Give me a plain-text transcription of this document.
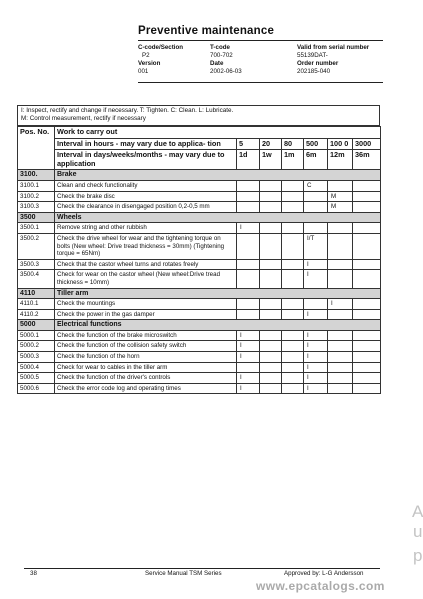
Preventive maintenance
C-code/Section
P2
T-code
700-702
Valid from serial number
55139DAT-
Version
001
Date
2002-06-03
Order number
202185-040
I: Inspect, rectify and change if necessary. T: Tighten. C: Clean. L: Lubricate.
M: Control measurement, rectify if necessary
Pos. No.	Work to carry out						
	Interval in hours - may vary due to applica- tion	5	20	80	500	100 0	3000
	Interval in days/weeks/months - may vary due to application	1d	1w	1m	6m	12m	36m
3100.	Brake						
3100.1	Clean and check functionality				C		
3100.2	Check the brake disc					M	
3100.3	Check the clearance in disengaged position 0,2-0,5 mm					M	
3500	Wheels						
3500.1	Remove string and other rubbish	I					
3500.2	Check the drive wheel for wear and the tightening torque on bolts (New wheel: Drive tread thickness = 30mm) (Tightening torque = 65Nm)				I/T		
3500.3	Check that the castor wheel turns and rotates freely				I		
3500.4	Check for wear on the castor wheel (New wheel:Drive tread thickness = 10mm)				I		
4110	Tiller arm						
4110.1	Check the mountings					I	
4110.2	Check the power in the gas damper				I		
5000	Electrical functions						
5000.1	Check the function of the brake microswitch	I			I		
5000.2	Check the function of the collision safety switch	I			I		
5000.3	Check the function of the horn	I			I		
5000.4	Check for wear to cables in the tiller arm				I		
5000.5	Check the function of the driver's controls	I			I		
5000.6	Check the error code log and operating times	I			I		
38	Service Manual TSM Series	Approved by: L-G Andersson
www.epcatalogs.com
A
u
p
